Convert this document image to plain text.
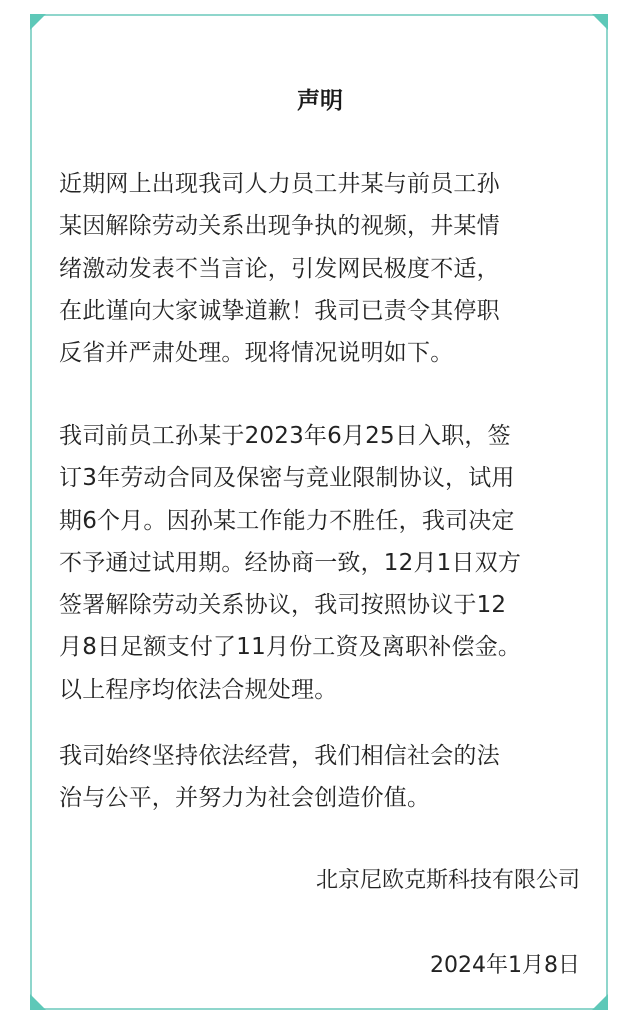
声明
近期网上出现我司人力员工井某与前员工孙
某因解除劳动关系出现争执的视频，井某情
绪激动发表不当言论，引发网民极度不适，
在此谨向大家诚挚道歉！我司已责令其停职
反省并严肃处理。现将情况说明如下。
我司前员工孙某于2023年6月25日入职，签
订3年劳动合同及保密与竞业限制协议，试用
期6个月。因孙某工作能力不胜任，我司决定
不予通过试用期。经协商一致，12月1日双方
签署解除劳动关系协议，我司按照协议于12
月8日足额支付了11月份工资及离职补偿金。
以上程序均依法合规处理。
我司始终坚持依法经营，我们相信社会的法
治与公平，并努力为社会创造价值。
北京尼欧克斯科技有限公司
2024年1月8日
